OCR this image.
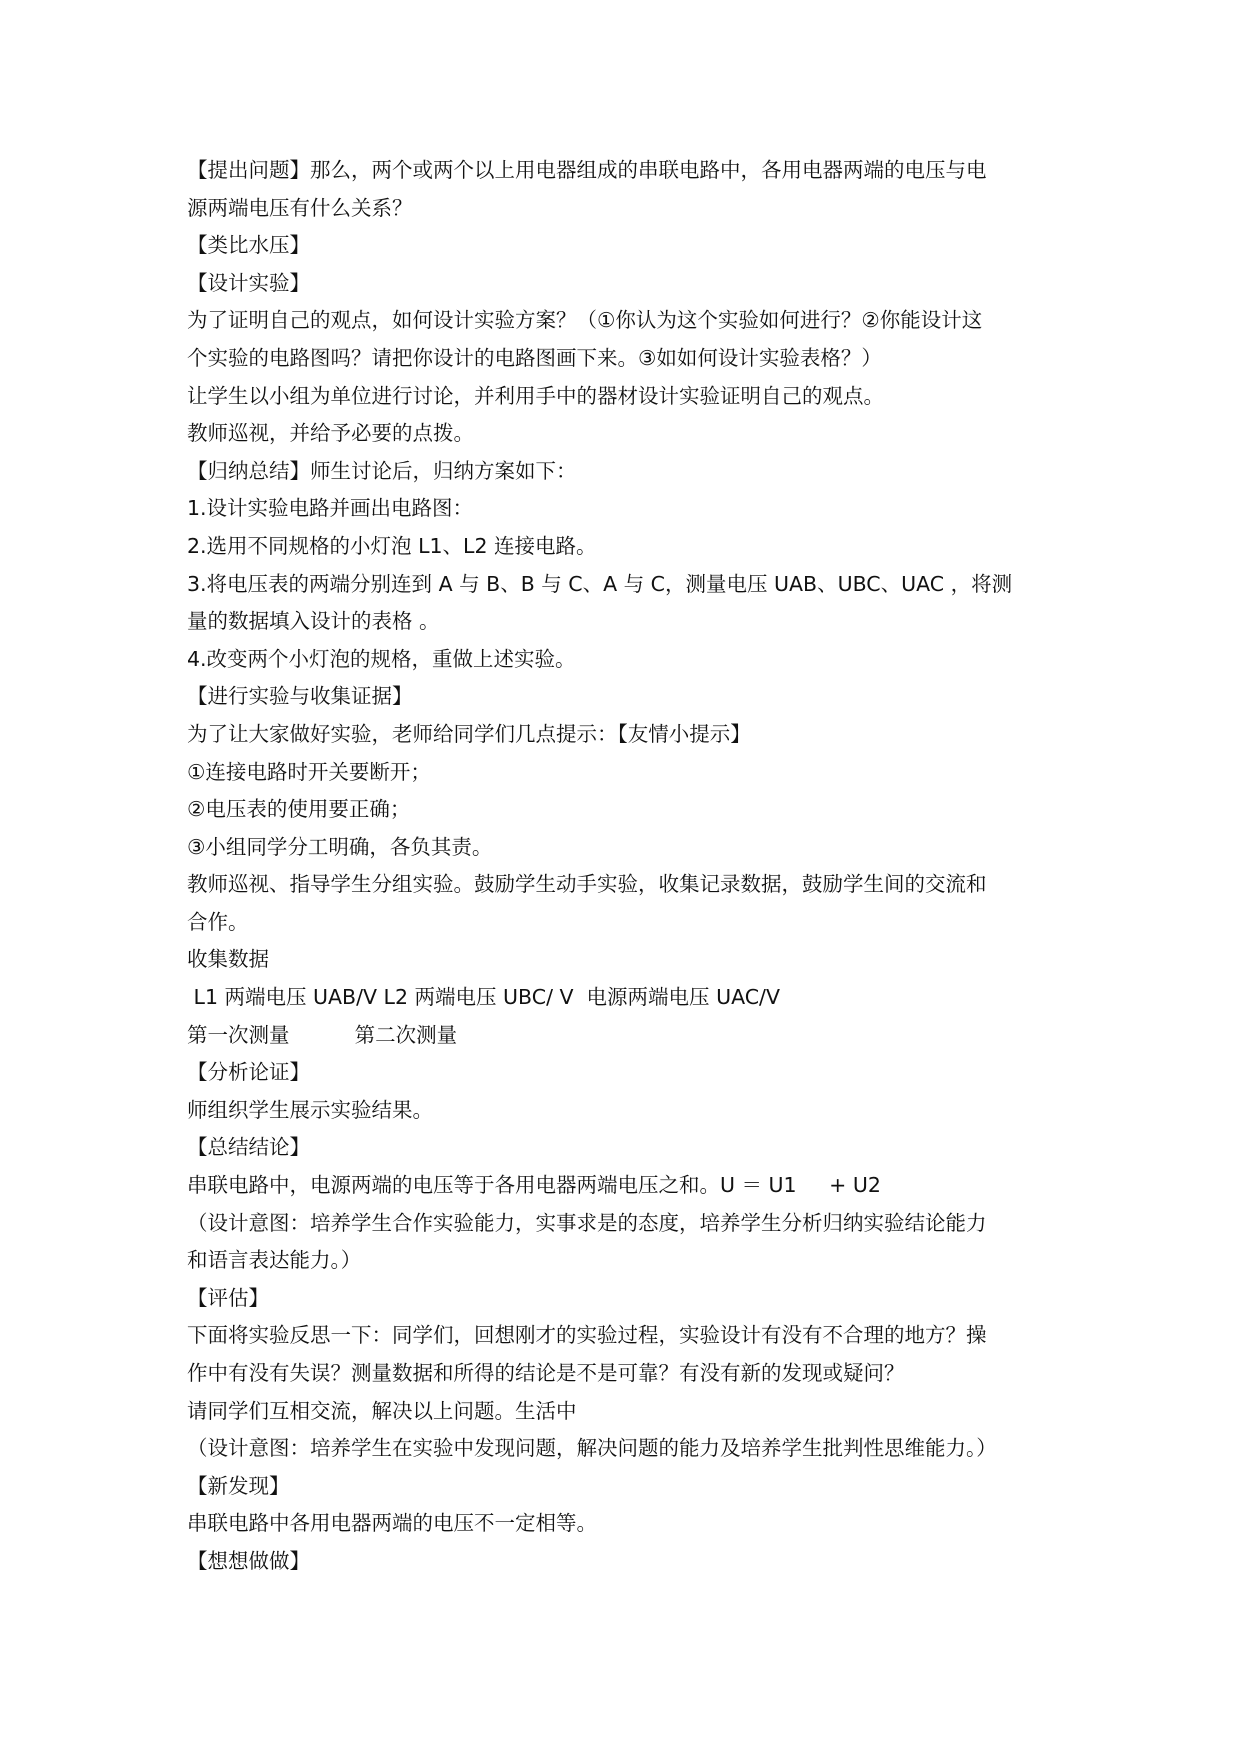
【提出问题】那么，两个或两个以上用电器组成的串联电路中，各用电器两端的电压与电
源两端电压有什么关系？
【类比水压】
【设计实验】
为了证明自己的观点，如何设计实验方案？（①你认为这个实验如何进行？②你能设计这
个实验的电路图吗？请把你设计的电路图画下来。③如如何设计实验表格？）
让学生以小组为单位进行讨论，并利用手中的器材设计实验证明自己的观点。
教师巡视，并给予必要的点拨。
【归纳总结】师生讨论后，归纳方案如下：
1.设计实验电路并画出电路图：
2.选用不同规格的小灯泡 L1、L2 连接电路。
3.将电压表的两端分别连到 A 与 B、B 与 C、A 与 C，测量电压 UAB、UBC、UAC ，将测
量的数据填入设计的表格 。
4.改变两个小灯泡的规格，重做上述实验。
【进行实验与收集证据】
为了让大家做好实验，老师给同学们几点提示：【友情小提示】
①连接电路时开关要断开；
②电压表的使用要正确；
③小组同学分工明确，各负其责。
教师巡视、指导学生分组实验。鼓励学生动手实验，收集记录数据，鼓励学生间的交流和
合作。
收集数据
L1 两端电压 UAB/V L2 两端电压 UBC/ V  电源两端电压 UAC/V
第一次测量          第二次测量
【分析论证】
师组织学生展示实验结果。
【总结结论】
串联电路中，电源两端的电压等于各用电器两端电压之和。U ＝ U1     + U2
（设计意图：培养学生合作实验能力，实事求是的态度，培养学生分析归纳实验结论能力
和语言表达能力。）
【评估】
下面将实验反思一下：同学们，回想刚才的实验过程，实验设计有没有不合理的地方？操
作中有没有失误？测量数据和所得的结论是不是可靠？有没有新的发现或疑问？
请同学们互相交流，解决以上问题。生活中
（设计意图：培养学生在实验中发现问题，解决问题的能力及培养学生批判性思维能力。）
【新发现】
串联电路中各用电器两端的电压不一定相等。
【想想做做】
